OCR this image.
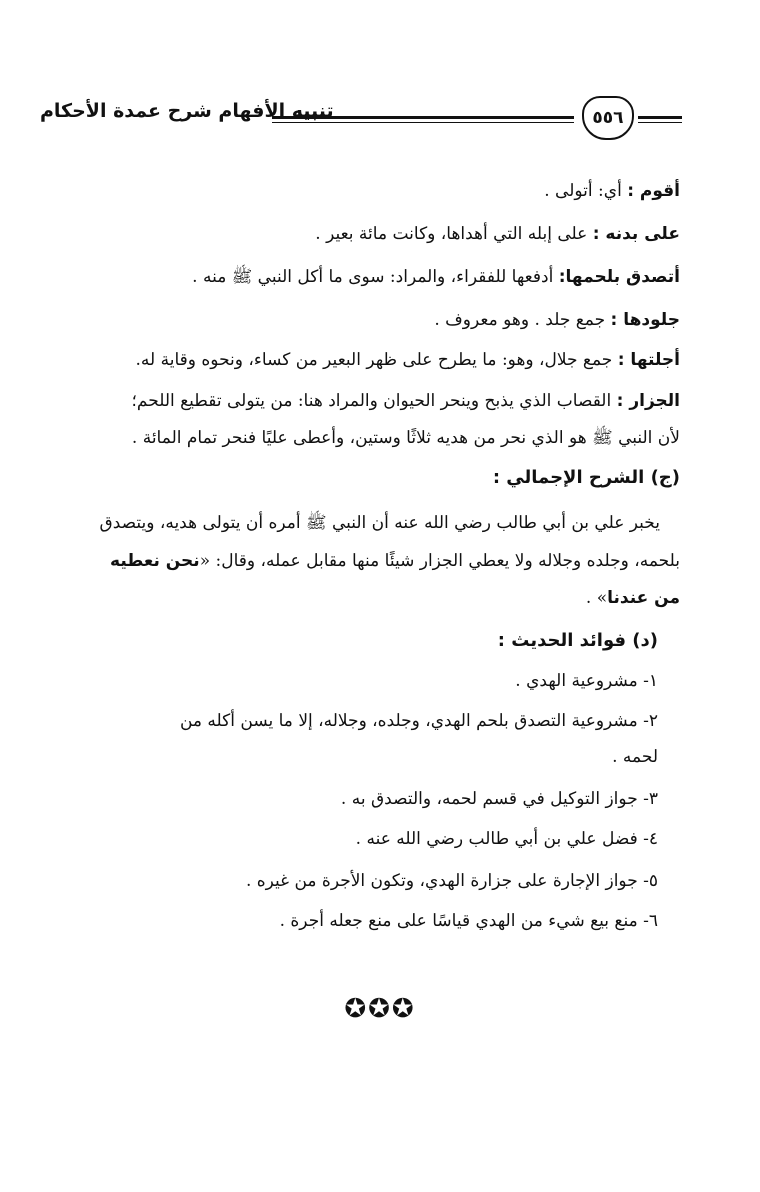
تنبيه الأفهام شرح عمدة الأحكام	٥٥٦
أقوم : أي: أتولى .
على بدنه : على إبله التي أهداها، وكانت مائة بعير .
أتصدق بلحمها: أدفعها للفقراء، والمراد: سوى ما أكل النبي ﷺ منه .
جلودها : جمع جلد . وهو معروف .
أجلتها : جمع جلال، وهو: ما يطرح على ظهر البعير من كساء، ونحوه وقاية له.
الجزار : القصاب الذي يذبح وينحر الحيوان والمراد هنا: من يتولى تقطيع اللحم؛
لأن النبي ﷺ هو الذي نحر من هديه ثلاثًا وستين، وأعطى عليًا فنحر تمام المائة .
(ج) الشرح الإجمالي :
يخبر علي بن أبي طالب رضي الله عنه أن النبي ﷺ أمره أن يتولى هديه، ويتصدق
بلحمه، وجلده وجلاله ولا يعطي الجزار شيئًا منها مقابل عمله، وقال: «نحن نعطيه
من عندنا» .
(د) فوائد الحديث :
١- مشروعية الهدي .
٢- مشروعية التصدق بلحم الهدي، وجلده، وجلاله، إلا ما يسن أكله من
لحمه .
٣- جواز التوكيل في قسم لحمه، والتصدق به .
٤- فضل علي بن أبي طالب رضي الله عنه .
٥- جواز الإجارة على جزارة الهدي، وتكون الأجرة من غيره .
٦- منع بيع شيء من الهدي قياسًا على منع جعله أجرة .
✪✪✪
